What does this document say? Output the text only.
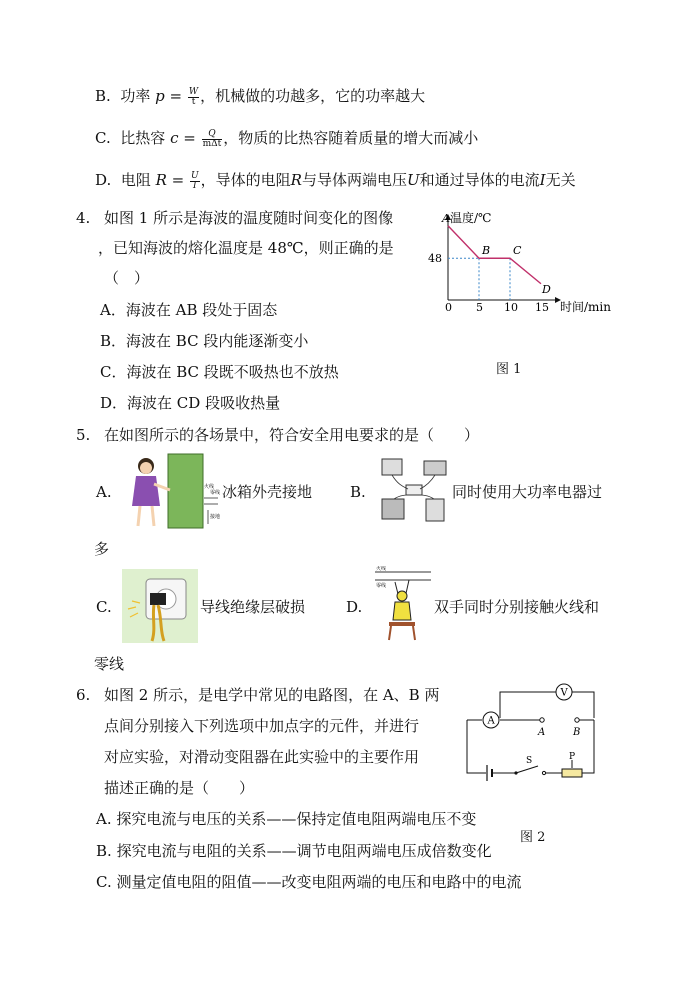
B. 功率 $p = \frac{W}{t}$ ，机械做的功越多，它的功率越大
C. 比热容 $c = \frac{Q}{\text{mΔt}}$ ，物质的比热容随着质量的增大而减小
D. 电阻 $R = \frac{U}{I}$ ，导体的电阻R与导体两端电压U和通过导体的电流I无关
4. 如图 1 所示是海波的温度随时间变化的图像
，已知海波的熔化温度是 48℃，则正确的是
（　）
A．海波在 AB 段处于固态
B．海波在 BC 段内能逐渐变小
C．海波在 BC 段既不吸热也不放热
D．海波在 CD 段吸收热量
A
B C
D
0 5 10 15
48
温度/℃
时间/min
图 1
5. 在如图所示的各场景中，符合安全用电要求的是（　　）
A.	火线
零线
接地
冰箱外壳接地	B.	同时使用大功率电器过
多
C.	导线绝缘层破损	D.
火线
零线
双手同时分别接触火线和
零线
6. 如图 2 所示，是电学中常见的电路图，在 A、B 两
点间分别接入下列选项中加点字的元件，并进行
对应实验，对滑动变阻器在此实验中的主要作用
描述正确的是（　　）
V
A
A	B
S	P
图 2
A. 探究电流与电压的关系——保持定值电阻两端电压不变
B. 探究电流与电阻的关系——调节电阻两端电压成倍数变化
C. 测量定值电阻的阻值——改变电阻两端的电压和电路中的电流
